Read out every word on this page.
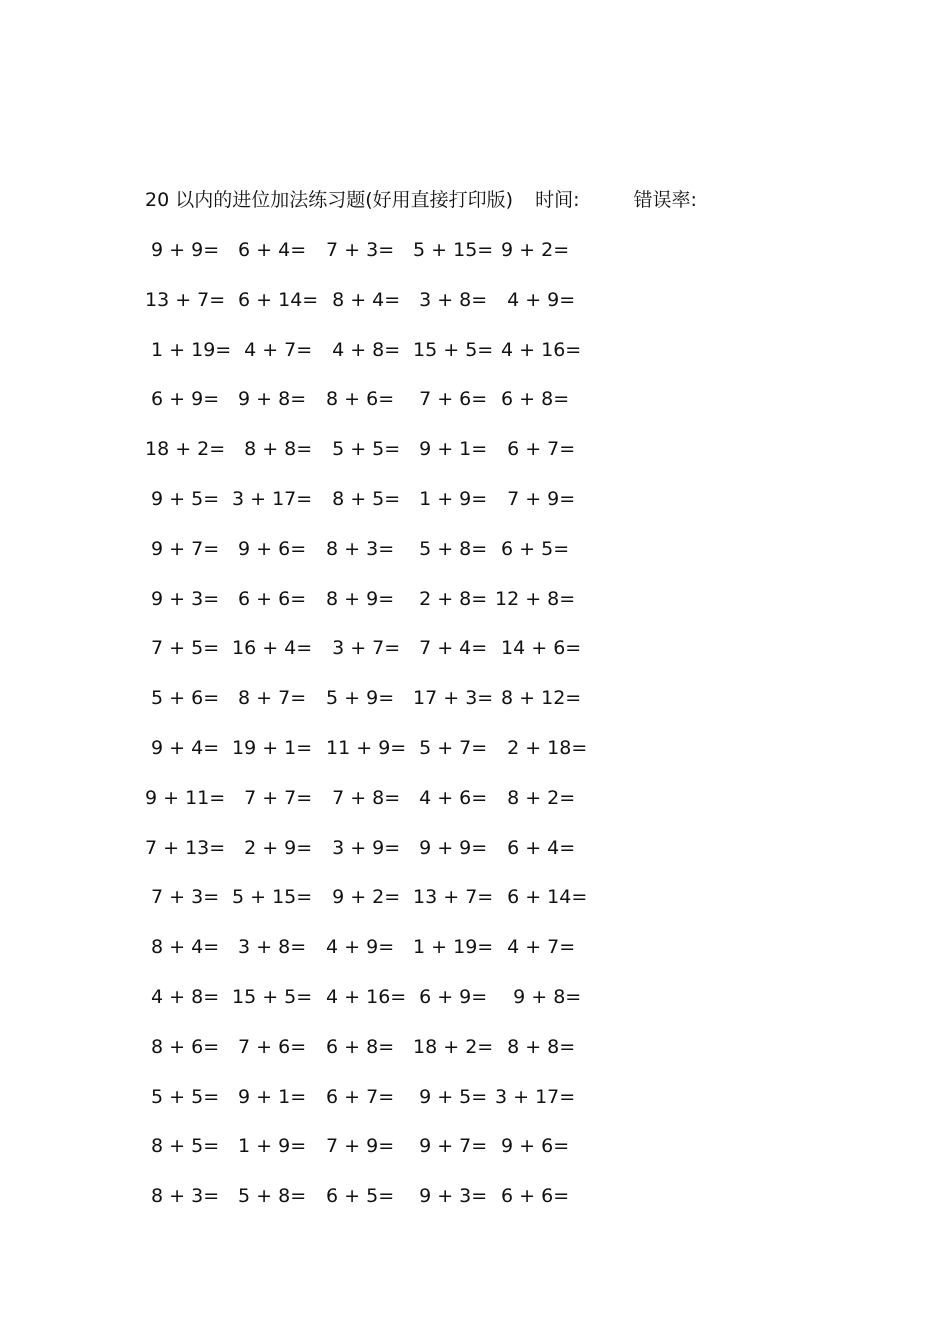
20 以内的进位加法练习题(好用直接打印版) 时间:	错误率:
9 + 9= 6 + 4= 7 + 3= 5 + 15= 9 + 2=
13 + 7= 6 + 14= 8 + 4= 3 + 8= 4 + 9=
1 + 19= 4 + 7= 4 + 8= 15 + 5= 4 + 16=
6 + 9= 9 + 8= 8 + 6= 7 + 6= 6 + 8=
18 + 2= 8 + 8= 5 + 5= 9 + 1= 6 + 7=
9 + 5= 3 + 17= 8 + 5= 1 + 9= 7 + 9=
9 + 7= 9 + 6= 8 + 3= 5 + 8= 6 + 5=
9 + 3= 6 + 6= 8 + 9= 2 + 8= 12 + 8=
7 + 5= 16 + 4= 3 + 7= 7 + 4= 14 + 6=
5 + 6= 8 + 7= 5 + 9= 17 + 3= 8 + 12=
9 + 4= 19 + 1= 11 + 9= 5 + 7= 2 + 18=
9 + 11= 7 + 7= 7 + 8= 4 + 6= 8 + 2=
7 + 13= 2 + 9= 3 + 9= 9 + 9= 6 + 4=
7 + 3= 5 + 15= 9 + 2= 13 + 7= 6 + 14=
8 + 4= 3 + 8= 4 + 9= 1 + 19= 4 + 7=
4 + 8= 15 + 5= 4 + 16= 6 + 9= 9 + 8=
8 + 6= 7 + 6= 6 + 8= 18 + 2= 8 + 8=
5 + 5= 9 + 1= 6 + 7= 9 + 5= 3 + 17=
8 + 5= 1 + 9= 7 + 9= 9 + 7= 9 + 6=
8 + 3= 5 + 8= 6 + 5= 9 + 3= 6 + 6=
